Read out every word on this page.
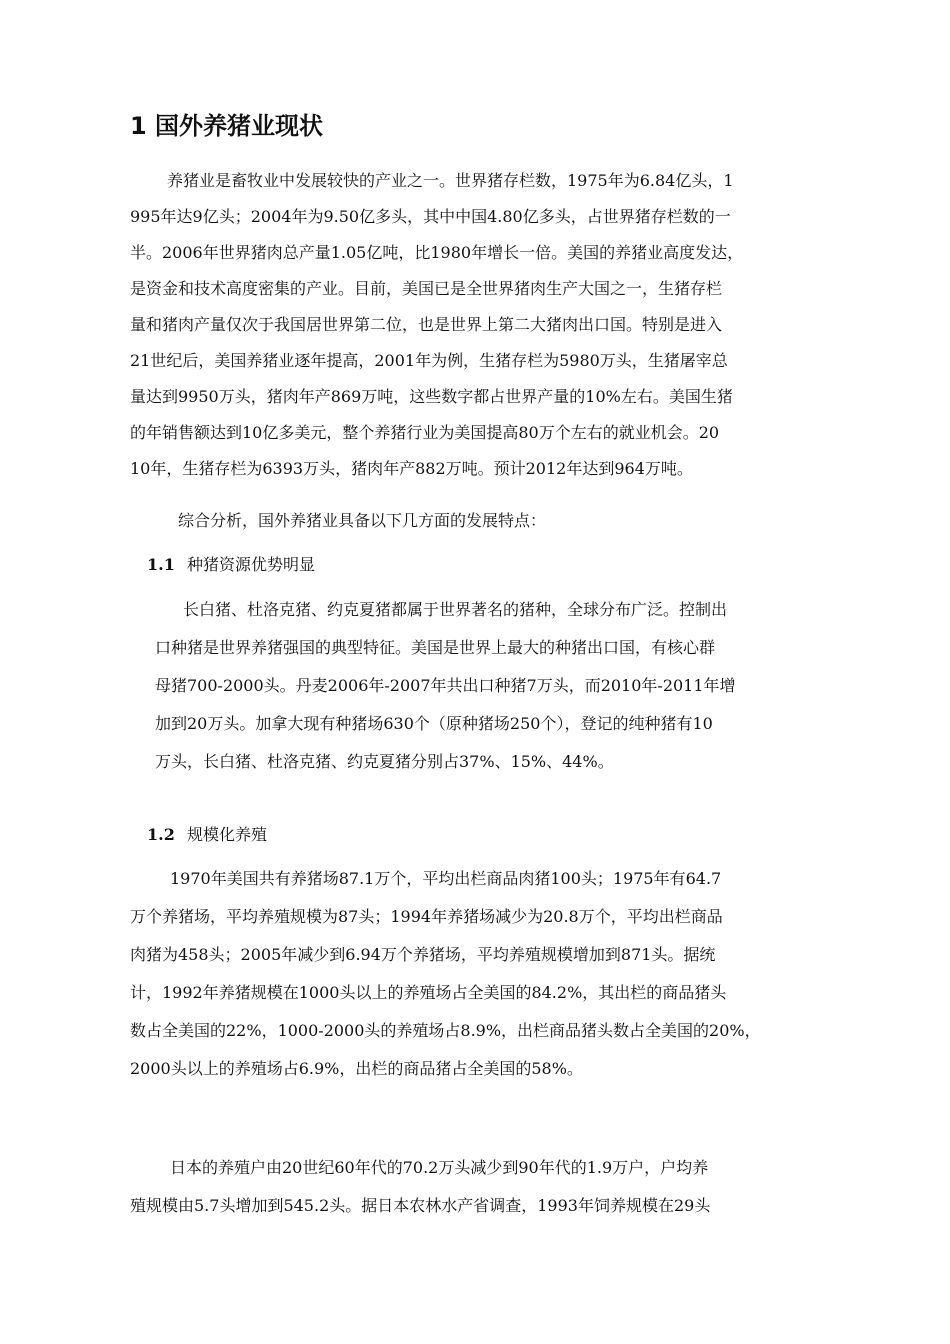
1 国外养猪业现状
养猪业是畜牧业中发展较快的产业之一。世界猪存栏数，1975年为6.84亿头，1
995年达9亿头；2004年为9.50亿多头，其中中国4.80亿多头，占世界猪存栏数的一
半。2006年世界猪肉总产量1.05亿吨，比1980年增长一倍。美国的养猪业高度发达，
是资金和技术高度密集的产业。目前，美国已是全世界猪肉生产大国之一，生猪存栏
量和猪肉产量仅次于我国居世界第二位，也是世界上第二大猪肉出口国。特别是进入
21世纪后，美国养猪业逐年提高，2001年为例，生猪存栏为5980万头，生猪屠宰总
量达到9950万头，猪肉年产869万吨，这些数字都占世界产量的10%左右。美国生猪
的年销售额达到10亿多美元，整个养猪行业为美国提高80万个左右的就业机会。20
10年，生猪存栏为6393万头，猪肉年产882万吨。预计2012年达到964万吨。
综合分析，国外养猪业具备以下几方面的发展特点：
1.1 种猪资源优势明显
长白猪、杜洛克猪、约克夏猪都属于世界著名的猪种，全球分布广泛。控制出
口种猪是世界养猪强国的典型特征。美国是世界上最大的种猪出口国，有核心群
母猪700-2000头。丹麦2006年-2007年共出口种猪7万头，而2010年-2011年增
加到20万头。加拿大现有种猪场630个（原种猪场250个），登记的纯种猪有10
万头，长白猪、杜洛克猪、约克夏猪分别占37%、15%、44%。
1.2 规模化养殖
1970年美国共有养猪场87.1万个，平均出栏商品肉猪100头；1975年有64.7
万个养猪场，平均养殖规模为87头；1994年养猪场减少为20.8万个，平均出栏商品
肉猪为458头；2005年减少到6.94万个养猪场，平均养殖规模增加到871头。据统
计，1992年养猪规模在1000头以上的养殖场占全美国的84.2%，其出栏的商品猪头
数占全美国的22%，1000-2000头的养殖场占8.9%，出栏商品猪头数占全美国的20%，
2000头以上的养殖场占6.9%，出栏的商品猪占全美国的58%。
日本的养殖户由20世纪60年代的70.2万头减少到90年代的1.9万户，户均养
殖规模由5.7头增加到545.2头。据日本农林水产省调查，1993年饲养规模在29头
